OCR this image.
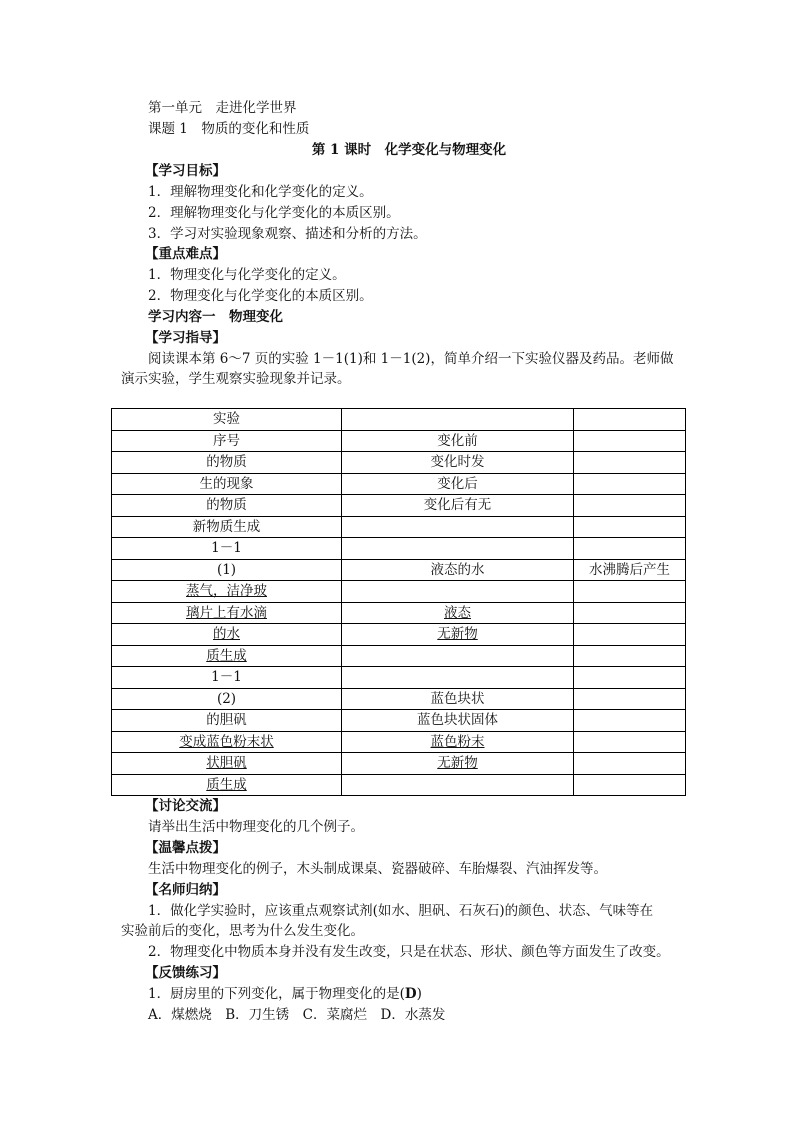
第一单元　走进化学世界
课题 1　物质的变化和性质
第 1 课时　化学变化与物理变化
【学习目标】
1．理解物理变化和化学变化的定义。
2．理解物理变化与化学变化的本质区别。
3．学习对实验现象观察、描述和分析的方法。
【重点难点】
1．物理变化与化学变化的定义。
2．物理变化与化学变化的本质区别。
学习内容一　物理变化
【学习指导】
阅读课本第 6～7 页的实验 1－1(1)和 1－1(2)，简单介绍一下实验仪器及药品。老师做
演示实验，学生观察实验现象并记录。
实验		
序号	变化前	
的物质	变化时发	
生的现象	变化后	
的物质	变化后有无	
新物质生成		
1－1		
(1)	液态的水	水沸腾后产生
蒸气，洁净玻		
璃片上有水滴	液态	
的水	无新物	
质生成		
1－1		
(2)	蓝色块状	
的胆矾	蓝色块状固体	
变成蓝色粉末状	蓝色粉末	
状胆矾	无新物	
质生成		
【讨论交流】
请举出生活中物理变化的几个例子。
【温馨点拨】
生活中物理变化的例子，木头制成课桌、瓷器破碎、车胎爆裂、汽油挥发等。
【名师归纳】
1．做化学实验时，应该重点观察试剂(如水、胆矾、石灰石)的颜色、状态、气味等在
实验前后的变化，思考为什么发生变化。
2．物理变化中物质本身并没有发生改变，只是在状态、形状、颜色等方面发生了改变。
【反馈练习】
1．厨房里的下列变化，属于物理变化的是(D)
A．煤燃烧　B．刀生锈　C．菜腐烂　D．水蒸发
